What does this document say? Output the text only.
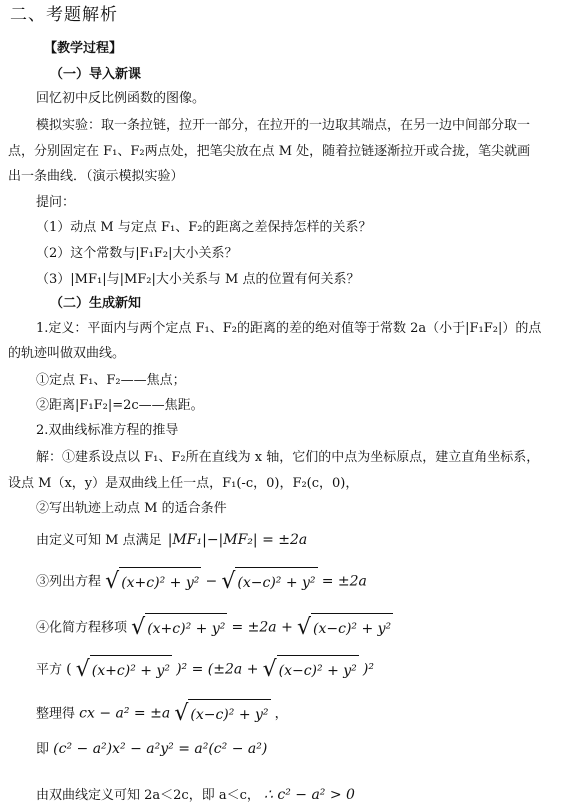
二、考题解析
【教学过程】
（一）导入新课
回忆初中反比例函数的图像。
模拟实验：取一条拉链，拉开一部分，在拉开的一边取其端点，在另一边中间部分取一
点，分别固定在 F₁、F₂两点处，把笔尖放在点 M 处，随着拉链逐渐拉开或合拢，笔尖就画
出一条曲线．（演示模拟实验）
提问：
（1）动点 M 与定点 F₁、F₂的距离之差保持怎样的关系？
（2）这个常数与|F₁F₂|大小关系？
（3）|MF₁|与|MF₂|大小关系与 M 点的位置有何关系？
（二）生成新知
1.定义：平面内与两个定点 F₁、F₂的距离的差的绝对值等于常数 2a（小于|F₁F₂|）的点
的轨迹叫做双曲线。
①定点 F₁、F₂——焦点；
②距离|F₁F₂|=2c——焦距。
2.双曲线标准方程的推导
解：①建系设点以 F₁、F₂所在直线为 x 轴，它们的中点为坐标原点，建立直角坐标系，
设点 M（x，y）是双曲线上任一点，F₁(-c，0)，F₂(c，0)，
②写出轨迹上动点 M 的适合条件
由定义可知 M 点满足 |MF₁|−|MF₂| = ±2a
③列出方程 √ (x+c)² + y² − √ (x−c)² + y² = ±2a
④化简方程移项 √ (x+c)² + y² = ±2a + √ (x−c)² + y²
平方 ( √ (x+c)² + y² )² = (±2a + √ (x−c)² + y² )²
整理得 cx − a² = ±a √ (x−c)² + y² ，
即 (c² − a²)x² − a²y² = a²(c² − a²)
由双曲线定义可知 2a＜2c，即 a＜c， ∴ c² − a² > 0
